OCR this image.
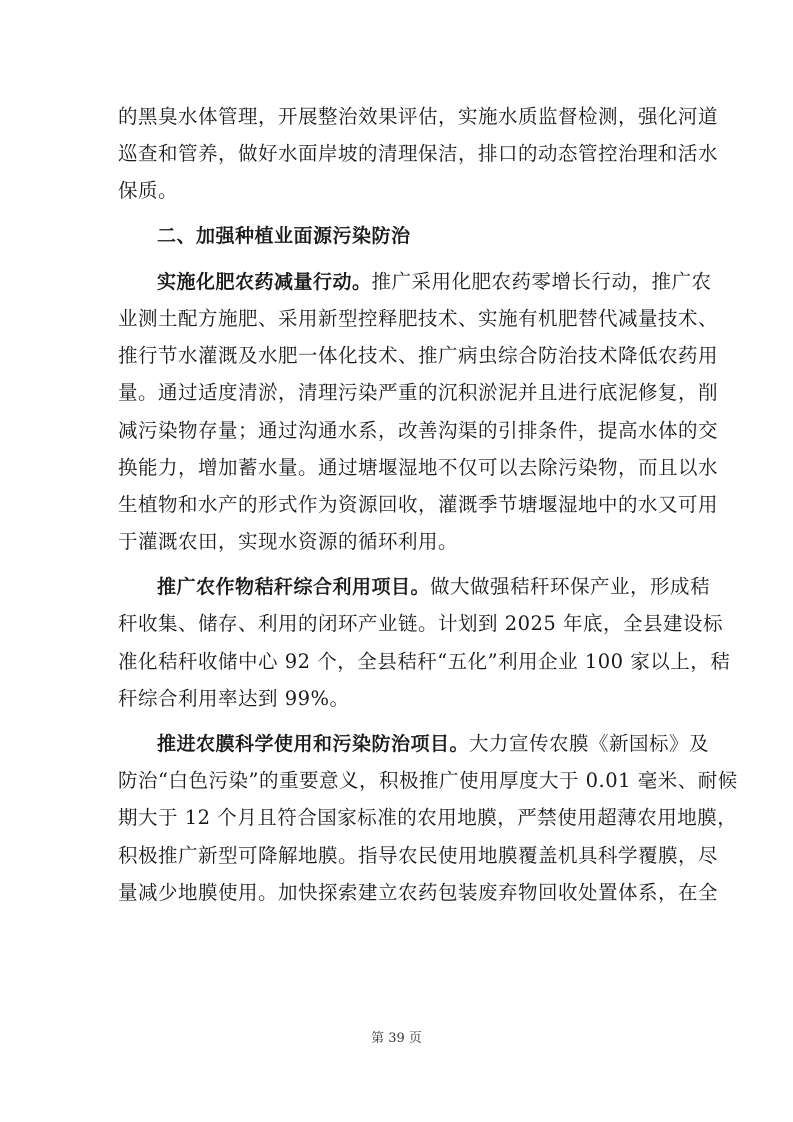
的黑臭水体管理，开展整治效果评估，实施水质监督检测，强化河道
巡查和管养，做好水面岸坡的清理保洁，排口的动态管控治理和活水
保质。
二、加强种植业面源污染防治
实施化肥农药减量行动。推广采用化肥农药零增长行动，推广农
业测土配方施肥、采用新型控释肥技术、实施有机肥替代减量技术、
推行节水灌溉及水肥一体化技术、推广病虫综合防治技术降低农药用
量。通过适度清淤，清理污染严重的沉积淤泥并且进行底泥修复，削
减污染物存量；通过沟通水系，改善沟渠的引排条件，提高水体的交
换能力，增加蓄水量。通过塘堰湿地不仅可以去除污染物，而且以水
生植物和水产的形式作为资源回收，灌溉季节塘堰湿地中的水又可用
于灌溉农田，实现水资源的循环利用。
推广农作物秸秆综合利用项目。做大做强秸秆环保产业，形成秸
秆收集、储存、利用的闭环产业链。计划到 2025 年底，全县建设标
准化秸秆收储中心 92 个，全县秸秆“五化”利用企业 100 家以上，秸
秆综合利用率达到 99%。
推进农膜科学使用和污染防治项目。大力宣传农膜《新国标》及
防治“白色污染”的重要意义，积极推广使用厚度大于 0.01 毫米、耐候
期大于 12 个月且符合国家标准的农用地膜，严禁使用超薄农用地膜，
积极推广新型可降解地膜。指导农民使用地膜覆盖机具科学覆膜，尽
量减少地膜使用。加快探索建立农药包装废弃物回收处置体系，在全
第 39 页
